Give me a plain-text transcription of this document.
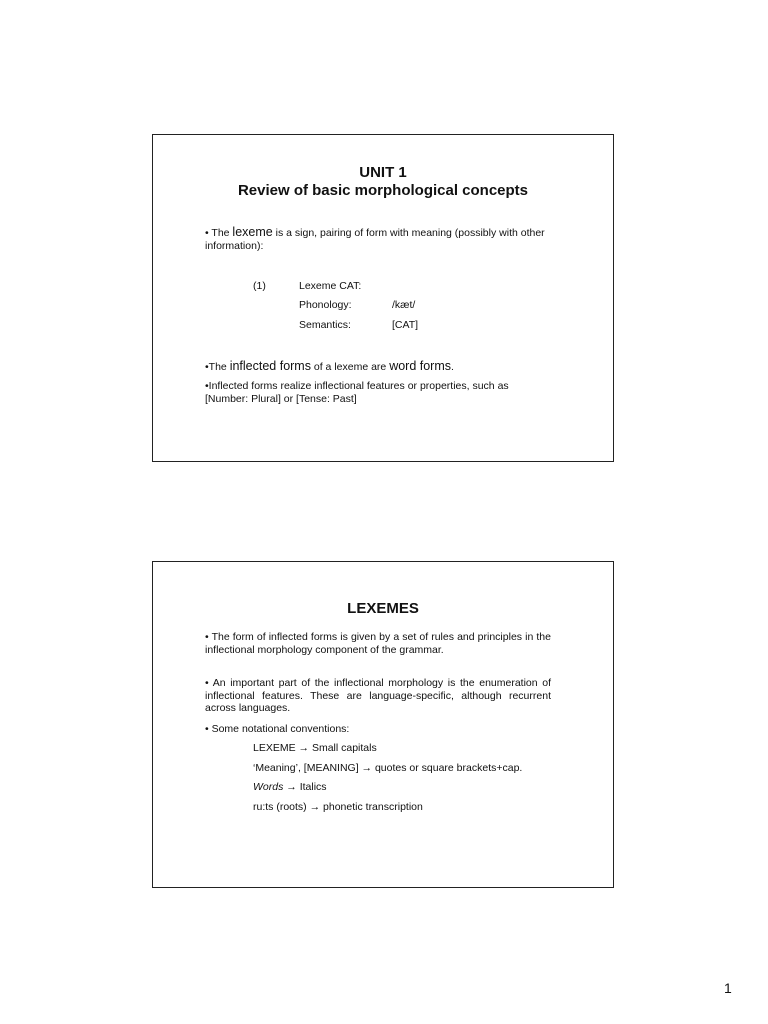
UNIT 1
Review of basic morphological concepts

• The lexeme is a sign, pairing of form with meaning (possibly with other information):

(1)	Lexeme CAT:
Phonology:	/kæt/
Semantics:	[CAT]

•The inflected forms of a lexeme are word forms.

•Inflected forms realize inflectional features or properties, such as [Number: Plural] or [Tense: Past]

LEXEMES

• The form of inflected forms is given by a set of rules and principles in the inflectional morphology component of the grammar.

• An important part of the inflectional morphology is the enumeration of inflectional features. These are language-specific, although recurrent across languages.

• Some notational conventions:

LEXEME → Small capitals
‘Meaning’, [MEANING] → quotes or square brackets+cap.
Words → Italics
ru:ts (roots) → phonetic transcription
1
